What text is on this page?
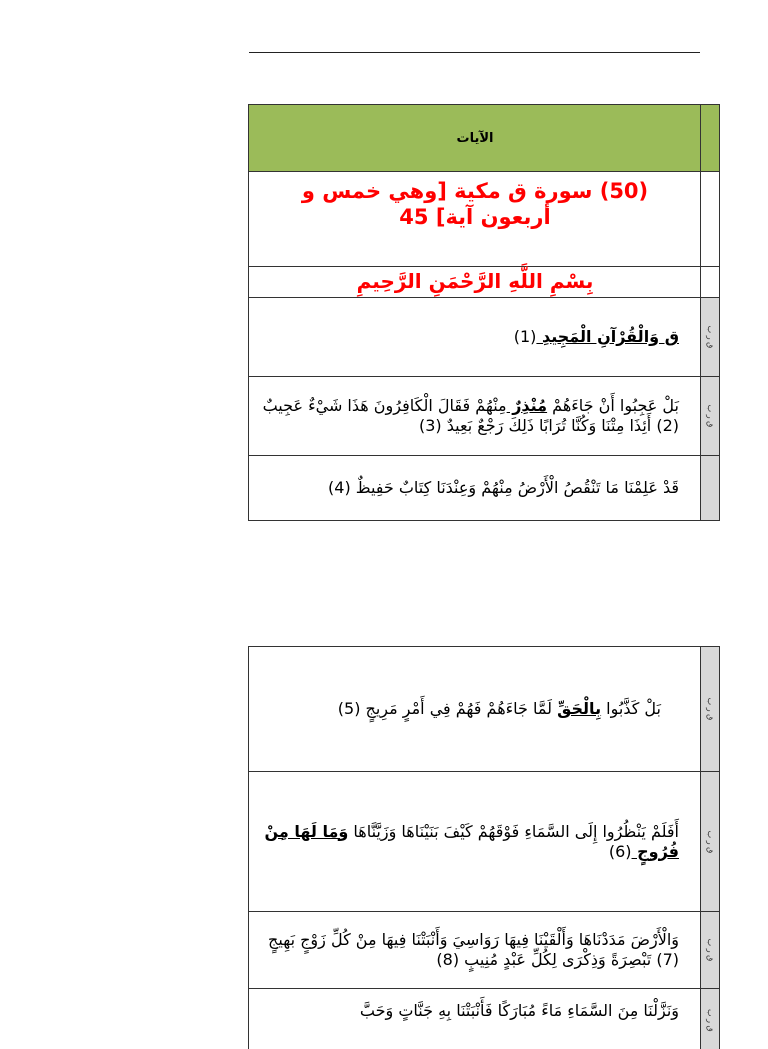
الآيات
(50) سورة ق مكية [وهي خمس و أربعون آية] 45
بِسْمِ اللَّهِ الرَّحْمَنِ الرَّحِيمِ
ق وَالْقُرْآنِ الْمَجِيدِ (1)	ق ر ب
بَلْ عَجِبُوا أَنْ جَاءَهُمْ مُنْذِرٌ مِنْهُمْ فَقَالَ الْكَافِرُونَ هَذَا شَيْءٌ عَجِيبٌ (2) أَئِذَا مِتْنَا وَكُنَّا تُرَابًا ذَلِكَ رَجْعٌ بَعِيدٌ (3)	ق ر ب
قَدْ عَلِمْنَا مَا تَنْقُصُ الْأَرْضُ مِنْهُمْ وَعِنْدَنَا كِتَابٌ حَفِيظٌ (4)
بَلْ كَذَّبُوا بِالْحَقِّ لَمَّا جَاءَهُمْ فَهُمْ فِي أَمْرٍ مَرِيجٍ (5)	ق ر ب
أَفَلَمْ يَنْظُرُوا إِلَى السَّمَاءِ فَوْقَهُمْ كَيْفَ بَنَيْنَاهَا وَزَيَّنَّاهَا وَمَا لَهَا مِنْ فُرُوجٍ (6)	ق ر ب
وَالْأَرْضَ مَدَدْنَاهَا وَأَلْقَيْنَا فِيهَا رَوَاسِيَ وَأَنْبَتْنَا فِيهَا مِنْ كُلِّ زَوْجٍ بَهِيجٍ (7) تَبْصِرَةً وَذِكْرَى لِكُلِّ عَبْدٍ مُنِيبٍ (8)	ق ر ب
وَنَزَّلْنَا مِنَ السَّمَاءِ مَاءً مُبَارَكًا فَأَنْبَتْنَا بِهِ جَنَّاتٍ وَحَبَّ	ق ر ب
